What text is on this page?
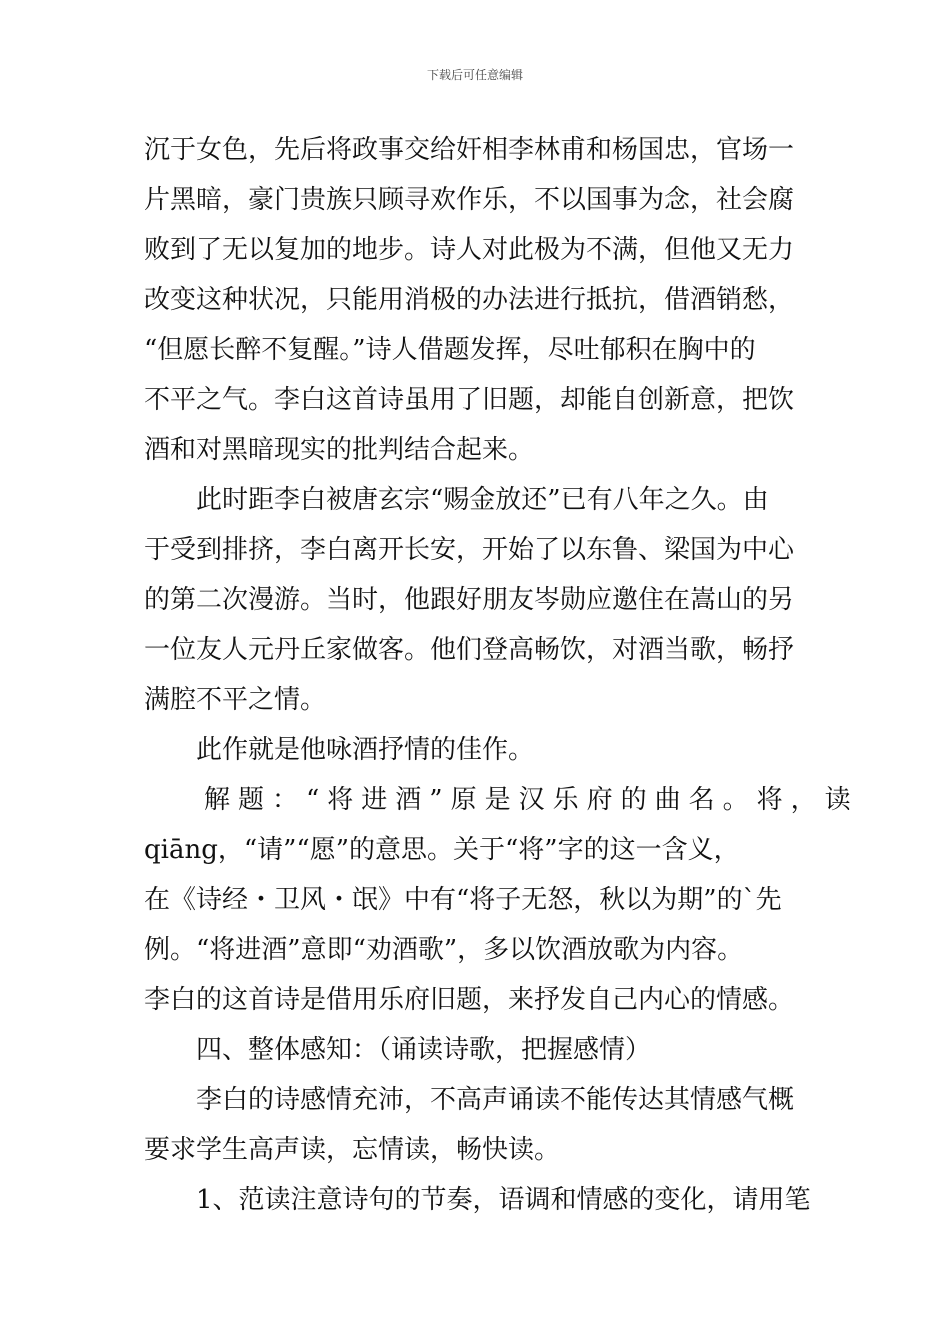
下载后可任意编辑
沉于女色，先后将政事交给奸相李林甫和杨国忠，官场一
片黑暗，豪门贵族只顾寻欢作乐，不以国事为念，社会腐
败到了无以复加的地步。诗人对此极为不满，但他又无力
改变这种状况，只能用消极的办法进行抵抗，借酒销愁，
“但愿长醉不复醒。”诗人借题发挥，尽吐郁积在胸中的
不平之气。李白这首诗虽用了旧题，却能自创新意，把饮
酒和对黑暗现实的批判结合起来。
此时距李白被唐玄宗“赐金放还”已有八年之久。由
于受到排挤，李白离开长安，开始了以东鲁、梁国为中心
的第二次漫游。当时，他跟好朋友岑勋应邀住在嵩山的另
一位友人元丹丘家做客。他们登高畅饮，对酒当歌，畅抒
满腔不平之情。
此作就是他咏酒抒情的佳作。
解题：“将进酒”原是汉乐府的曲名。将，读
qiāng，“请”“愿”的意思。关于“将”字的这一含义，
在《诗经・卫风・氓》中有“将子无怒，秋以为期”的`先
例。“将进酒”意即“劝酒歌”，多以饮酒放歌为内容。
李白的这首诗是借用乐府旧题，来抒发自己内心的情感。
四、整体感知：（诵读诗歌，把握感情）
李白的诗感情充沛，不高声诵读不能传达其情感气概
要求学生高声读，忘情读，畅快读。
1、范读注意诗句的节奏，语调和情感的变化，请用笔
